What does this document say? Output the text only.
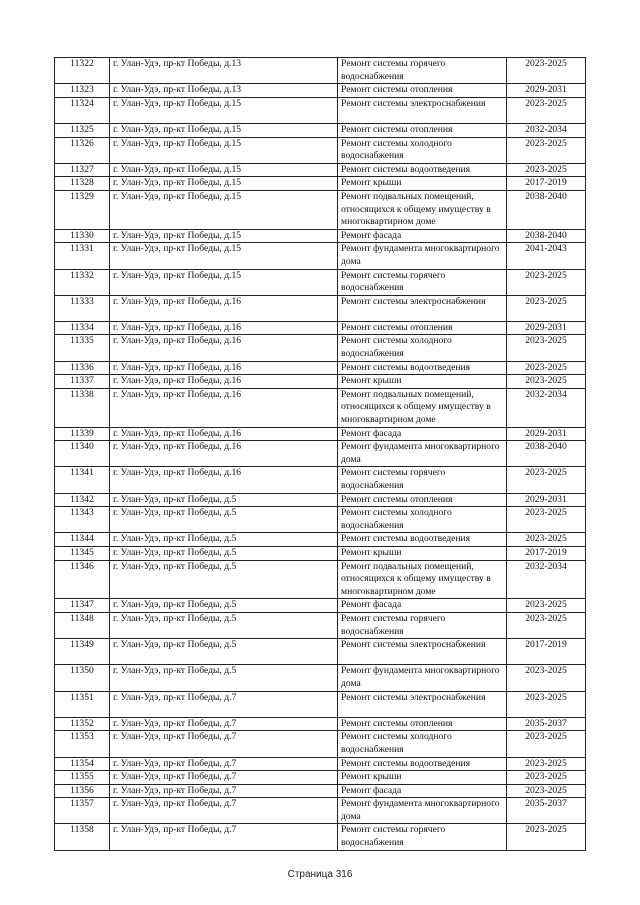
11322	г. Улан-Удэ, пр-кт Победы, д.13	Ремонт системы горячего водоснабжения	2023-2025
11323	г. Улан-Удэ, пр-кт Победы, д.13	Ремонт системы отопления	2029-2031
11324	г. Улан-Удэ, пр-кт Победы, д.15	Ремонт системы электроснабжения	2023-2025
11325	г. Улан-Удэ, пр-кт Победы, д.15	Ремонт системы отопления	2032-2034
11326	г. Улан-Удэ, пр-кт Победы, д.15	Ремонт системы холодного водоснабжения	2023-2025
11327	г. Улан-Удэ, пр-кт Победы, д.15	Ремонт системы водоотведения	2023-2025
11328	г. Улан-Удэ, пр-кт Победы, д.15	Ремонт крыши	2017-2019
11329	г. Улан-Удэ, пр-кт Победы, д.15	Ремонт подвальных помещений, относящихся к общему имуществу в многоквартирном доме	2038-2040
11330	г. Улан-Удэ, пр-кт Победы, д.15	Ремонт фасада	2038-2040
11331	г. Улан-Удэ, пр-кт Победы, д.15	Ремонт фундамента многоквартирного дома	2041-2043
11332	г. Улан-Удэ, пр-кт Победы, д.15	Ремонт системы горячего водоснабжения	2023-2025
11333	г. Улан-Удэ, пр-кт Победы, д.16	Ремонт системы электроснабжения	2023-2025
11334	г. Улан-Удэ, пр-кт Победы, д.16	Ремонт системы отопления	2029-2031
11335	г. Улан-Удэ, пр-кт Победы, д.16	Ремонт системы холодного водоснабжения	2023-2025
11336	г. Улан-Удэ, пр-кт Победы, д.16	Ремонт системы водоотведения	2023-2025
11337	г. Улан-Удэ, пр-кт Победы, д.16	Ремонт крыши	2023-2025
11338	г. Улан-Удэ, пр-кт Победы, д.16	Ремонт подвальных помещений, относящихся к общему имуществу в многоквартирном доме	2032-2034
11339	г. Улан-Удэ, пр-кт Победы, д.16	Ремонт фасада	2029-2031
11340	г. Улан-Удэ, пр-кт Победы, д.16	Ремонт фундамента многоквартирного дома	2038-2040
11341	г. Улан-Удэ, пр-кт Победы, д.16	Ремонт системы горячего водоснабжения	2023-2025
11342	г. Улан-Удэ, пр-кт Победы, д.5	Ремонт системы отопления	2029-2031
11343	г. Улан-Удэ, пр-кт Победы, д.5	Ремонт системы холодного водоснабжения	2023-2025
11344	г. Улан-Удэ, пр-кт Победы, д.5	Ремонт системы водоотведения	2023-2025
11345	г. Улан-Удэ, пр-кт Победы, д.5	Ремонт крыши	2017-2019
11346	г. Улан-Удэ, пр-кт Победы, д.5	Ремонт подвальных помещений, относящихся к общему имуществу в многоквартирном доме	2032-2034
11347	г. Улан-Удэ, пр-кт Победы, д.5	Ремонт фасада	2023-2025
11348	г. Улан-Удэ, пр-кт Победы, д.5	Ремонт системы горячего водоснабжения	2023-2025
11349	г. Улан-Удэ, пр-кт Победы, д.5	Ремонт системы электроснабжения	2017-2019
11350	г. Улан-Удэ, пр-кт Победы, д.5	Ремонт фундамента многоквартирного дома	2023-2025
11351	г. Улан-Удэ, пр-кт Победы, д.7	Ремонт системы электроснабжения	2023-2025
11352	г. Улан-Удэ, пр-кт Победы, д.7	Ремонт системы отопления	2035-2037
11353	г. Улан-Удэ, пр-кт Победы, д.7	Ремонт системы холодного водоснабжения	2023-2025
11354	г. Улан-Удэ, пр-кт Победы, д.7	Ремонт системы водоотведения	2023-2025
11355	г. Улан-Удэ, пр-кт Победы, д.7	Ремонт крыши	2023-2025
11356	г. Улан-Удэ, пр-кт Победы, д.7	Ремонт фасада	2023-2025
11357	г. Улан-Удэ, пр-кт Победы, д.7	Ремонт фундамента многоквартирного дома	2035-2037
11358	г. Улан-Удэ, пр-кт Победы, д.7	Ремонт системы горячего водоснабжения	2023-2025
Страница 316
